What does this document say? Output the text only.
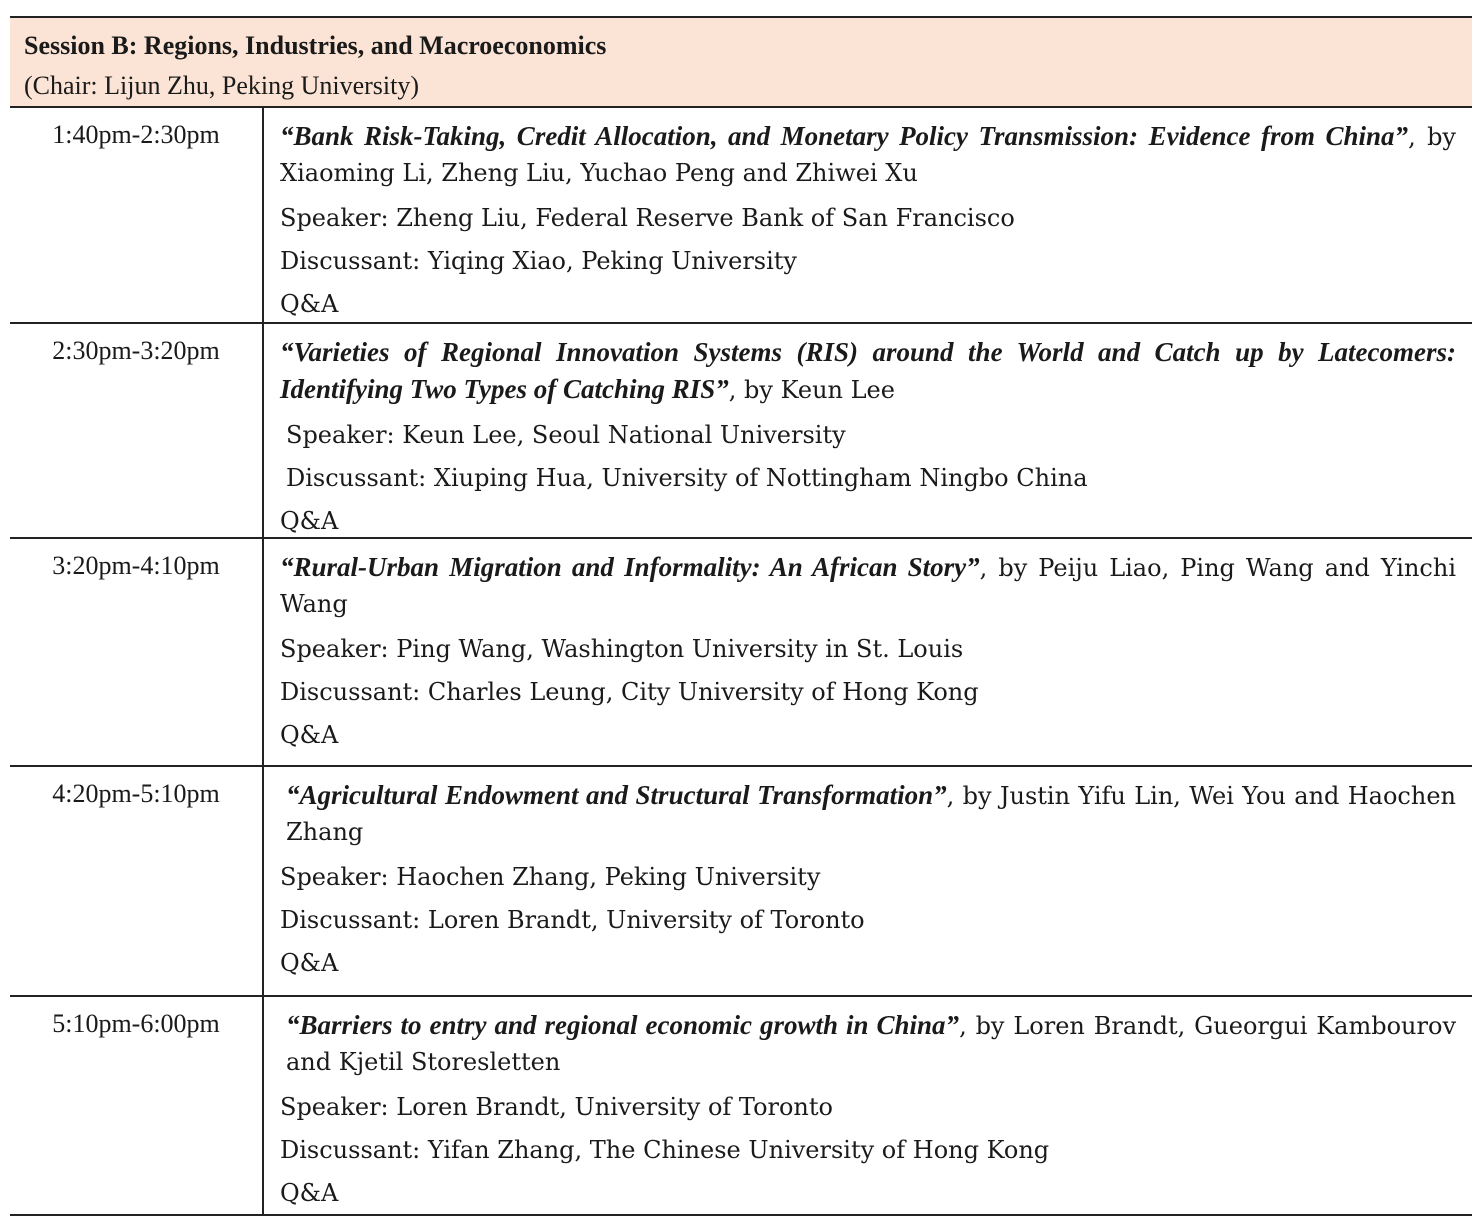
Session B: Regions, Industries, and Macroeconomics
(Chair: Lijun Zhu, Peking University)
1:40pm-2:30pm	“Bank Risk-Taking, Credit Allocation, and Monetary Policy Transmission: Evidence from China”, by Xiaoming Li, Zheng Liu, Yuchao Peng and Zhiwei Xu
Speaker: Zheng Liu, Federal Reserve Bank of San Francisco
Discussant: Yiqing Xiao, Peking University
Q&A
2:30pm-3:20pm	“Varieties of Regional Innovation Systems (RIS) around the World and Catch up by Latecomers: Identifying Two Types of Catching RIS”, by Keun Lee
Speaker: Keun Lee, Seoul National University
Discussant: Xiuping Hua, University of Nottingham Ningbo China
Q&A
3:20pm-4:10pm	“Rural-Urban Migration and Informality: An African Story”, by Peiju Liao, Ping Wang and Yinchi Wang
Speaker: Ping Wang, Washington University in St. Louis
Discussant: Charles Leung, City University of Hong Kong
Q&A
4:20pm-5:10pm	“Agricultural Endowment and Structural Transformation”, by Justin Yifu Lin, Wei You and Haochen Zhang
Speaker: Haochen Zhang, Peking University
Discussant: Loren Brandt, University of Toronto
Q&A
5:10pm-6:00pm	“Barriers to entry and regional economic growth in China”, by Loren Brandt, Gueorgui Kambourov and Kjetil Storesletten
Speaker: Loren Brandt, University of Toronto
Discussant: Yifan Zhang, The Chinese University of Hong Kong
Q&A
